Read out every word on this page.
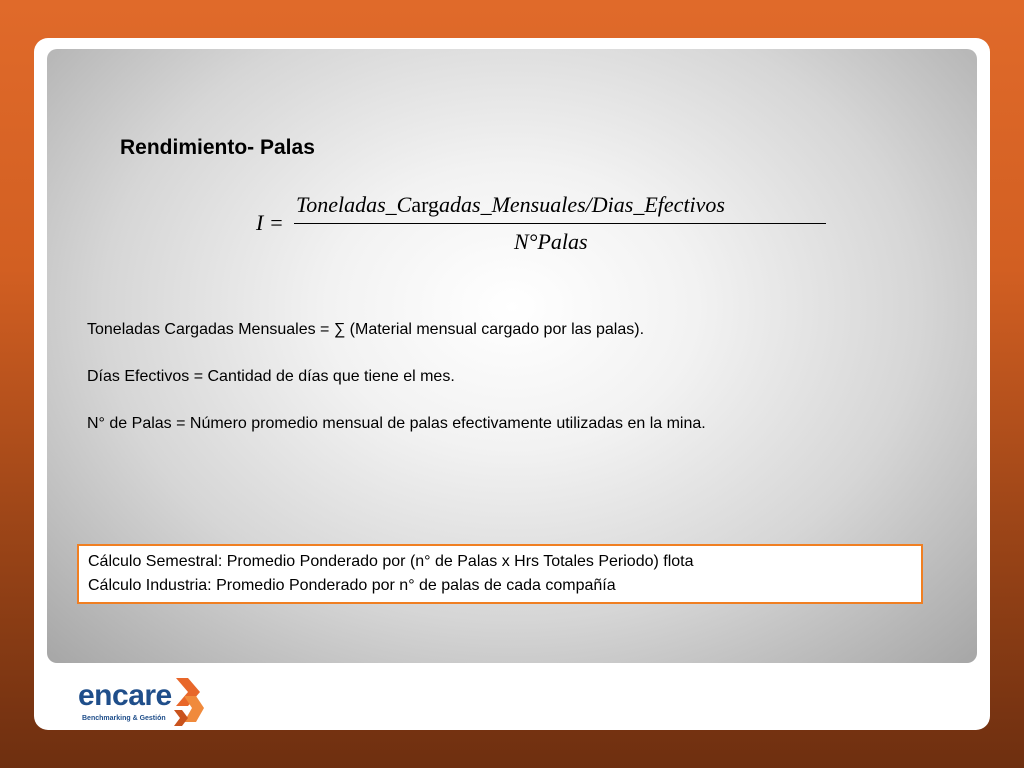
Rendimiento- Palas
I =
Toneladas_Cargadas_Mensuales/Dias_Efectivos
N°Palas
Toneladas Cargadas Mensuales = ∑ (Material mensual cargado por las palas).
Días Efectivos = Cantidad de días que tiene el mes.
N° de Palas = Número promedio mensual de palas efectivamente utilizadas en la mina.
Cálculo Semestral: Promedio Ponderado por (n° de Palas x Hrs Totales Periodo) flota
Cálculo Industria: Promedio Ponderado por n° de palas de cada compañía
encare
Benchmarking & Gestión
